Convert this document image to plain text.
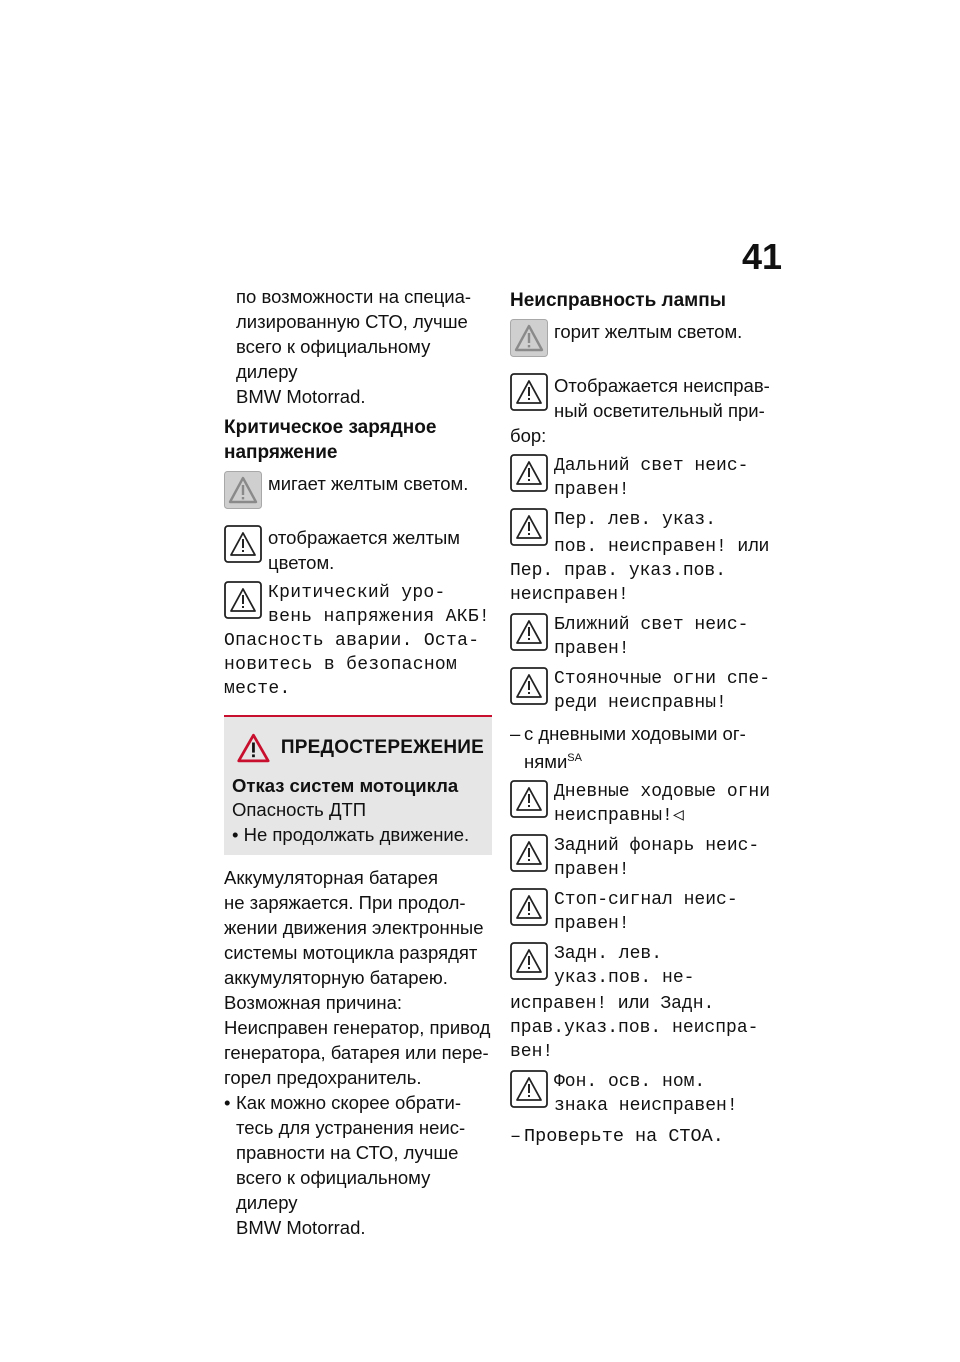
41

по возможности на специа-
лизированную СТО, лучше
всего к официальному дилеру
BMW Motorrad.

Критическое зарядное
напряжение
мигает желтым светом.
отображается желтым
цветом.
Критический уро-
вень напряжения АКБ!
Опасность аварии. Оста-
новитесь в безопасном
месте.
ПРЕДОСТЕРЕЖЕНИЕ
Отказ систем мотоцикла
Опасность ДТП
• Не продолжать движение.

Аккумуляторная батарея
не заряжается. При продол-
жении движения электронные
системы мотоцикла разрядят
аккумуляторную батарею.

Возможная причина:

Неисправен генератор, привод
генератора, батарея или пере-
горел предохранитель.

• Как можно скорее обрати-
тесь для устранения неис-
правности на СТО, лучше
всего к официальному дилеру
BMW Motorrad.
Неисправность лампы
горит желтым светом.
Отображается неисправ-
ный осветительный при-
бор:
Дальний свет неис-
правен!
Пер. лев. указ.
пов. неисправен! или
Пер. прав. указ.пов.
неисправен!
Ближний свет неис-
правен!
Стояночные огни спе-
реди неисправны!
– с дневными ходовыми ог-
нями$^{SA}$
Дневные ходовые огни
неисправны!◁
Задний фонарь неис-
правен!
Стоп-сигнал неис-
правен!
Задн. лев.
указ.пов. не-
исправен! или Задн.
прав.указ.пов. неиспра-
вен!
Фон. осв. ном.
знака неисправен!
– Проверьте на СТОА.
